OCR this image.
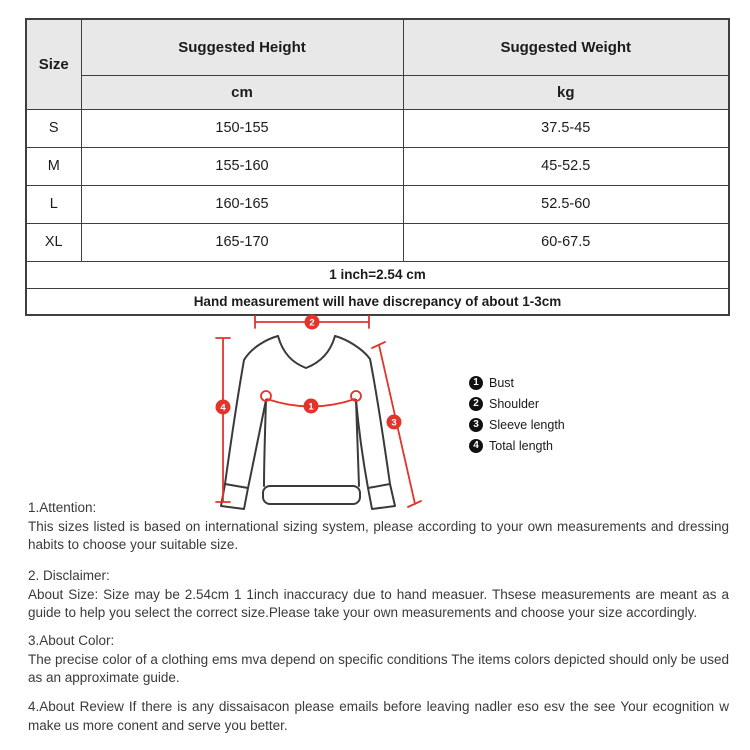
Size	Suggested Height	Suggested Weight
	cm	kg
S	150-155	37.5-45
M	155-160	45-52.5
L	160-165	52.5-60
XL	165-170	60-67.5
1 inch=2.54 cm		
Hand measurement will have discrepancy of about 1-3cm		
1
2
3
4
1 Bust
2 Shoulder
3 Sleeve length
4 Total length
1.Attention:
This sizes listed is based on international sizing system, please according to your own measurements and dressing habits to choose your suitable size.
2. Disclaimer:
About Size: Size may be 2.54cm 1 1inch inaccuracy due to hand measuer. Thsese measurements are meant as a guide to help you select the correct size.Please take your own measurements and choose your size accordingly.
3.About Color:
The precise color of a clothing ems mva depend on specific conditions The items colors depicted should only be used as an approximate guide.
4.About Review If there is any dissaisacon please emails before leaving nadler eso esv the see Your ecognition w make us more conent and serve you better.
